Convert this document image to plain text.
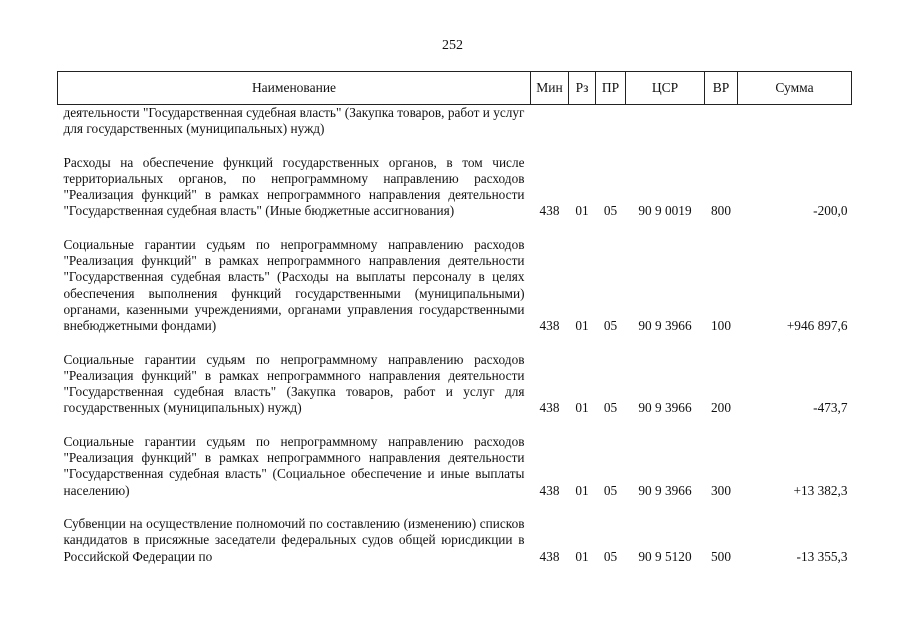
252
Наименование	Мин	Рз	ПР	ЦСР	ВР	Сумма
деятельности "Государственная судебная власть" (Закупка товаров, работ и услуг для государственных (муниципальных) нужд)						

Расходы на обеспечение функций государственных органов, в том числе территориальных органов, по непрограммному направлению расходов "Реализация функций" в рамках непрограммного направления деятельности "Государственная судебная власть" (Иные бюджетные ассигнования)	438	01	05	90 9 0019	800	-200,0

Социальные гарантии судьям по непрограммному направлению расходов "Реализация функций" в рамках непрограммного направления деятельности "Государственная судебная власть" (Расходы на выплаты персоналу в целях обеспечения выполнения функций государственными (муниципальными) органами, казенными учреждениями, органами управления государственными внебюджетными фондами)	438	01	05	90 9 3966	100	+946 897,6

Социальные гарантии судьям по непрограммному направлению расходов "Реализация функций" в рамках непрограммного направления деятельности "Государственная судебная власть" (Закупка товаров, работ и услуг для государственных (муниципальных) нужд)	438	01	05	90 9 3966	200	-473,7

Социальные гарантии судьям по непрограммному направлению расходов "Реализация функций" в рамках непрограммного направления деятельности "Государственная судебная власть" (Социальное обеспечение и иные выплаты населению)	438	01	05	90 9 3966	300	+13 382,3

Субвенции на осуществление полномочий по составлению (изменению) списков кандидатов в присяжные заседатели федеральных судов общей юрисдикции в Российской Федерации по	438	01	05	90 9 5120	500	-13 355,3
